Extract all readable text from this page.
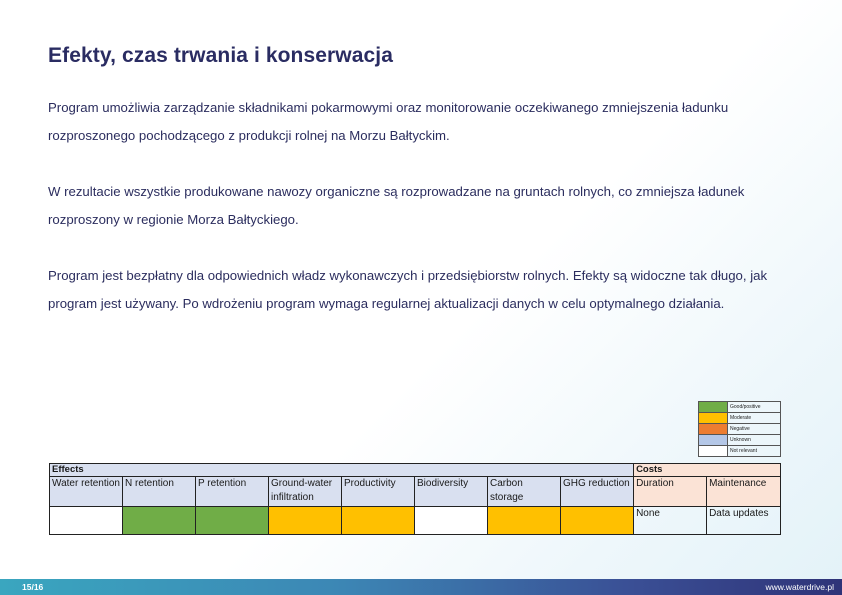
Efekty, czas trwania i konserwacja

Program umożliwia zarządzanie składnikami pokarmowymi oraz monitorowanie oczekiwanego zmniejszenia ładunku rozproszonego pochodzącego z produkcji rolnej na Morzu Bałtyckim.

W rezultacie wszystkie produkowane nawozy organiczne są rozprowadzane na gruntach rolnych, co zmniejsza ładunek rozproszony w regionie Morza Bałtyckiego.

Program jest bezpłatny dla odpowiednich władz wykonawczych i przedsiębiorstw rolnych. Efekty są widoczne tak długo, jak program jest używany. Po wdrożeniu program wymaga regularnej aktualizacji danych w celu optymalnego działania.

	Good/positive
	Moderate
	Negative
	Unknown
	Not relevant
Effects								Costs	
Water retention	N retention	P retention	Ground-water infiltration	Productivity	Biodiversity	Carbon storage	GHG reduction	Duration	Maintenance
								None	Data updates
15/16	www.waterdrive.pl
